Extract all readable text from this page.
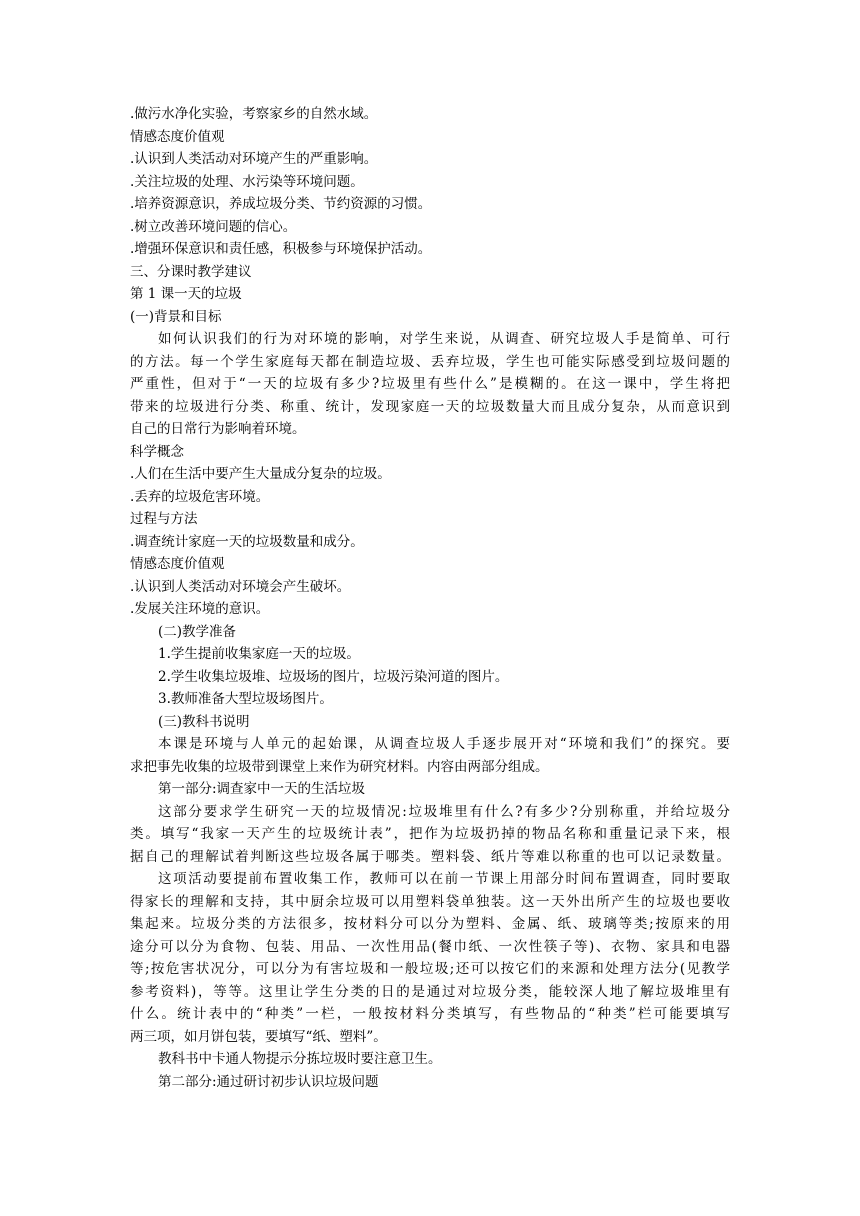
.做污水净化实验，考察家乡的自然水域。
情感态度价值观
.认识到人类活动对环境产生的严重影响。
.关注垃圾的处理、水污染等环境问题。
.培养资源意识，养成垃圾分类、节约资源的习惯。
.树立改善环境问题的信心。
.增强环保意识和责任感，积极参与环境保护活动。
三、分课时教学建议
第 1 课一天的垃圾
(一)背景和目标
如何认识我们的行为对环境的影响，对学生来说，从调查、研究垃圾人手是简单、可行
的方法。每一个学生家庭每天都在制造垃圾、丢弃垃圾，学生也可能实际感受到垃圾问题的
严重性，但对于“一天的垃圾有多少?垃圾里有些什么”是模糊的。在这一课中，学生将把
带来的垃圾进行分类、称重、统计，发现家庭一天的垃圾数量大而且成分复杂，从而意识到
自己的日常行为影响着环境。
科学概念
.人们在生活中要产生大量成分复杂的垃圾。
.丢弃的垃圾危害环境。
过程与方法
.调查统计家庭一天的垃圾数量和成分。
情感态度价值观
.认识到人类活动对环境会产生破坏。
.发展关注环境的意识。
(二)教学准备
1.学生提前收集家庭一天的垃圾。
2.学生收集垃圾堆、垃圾场的图片，垃圾污染河道的图片。
3.教师准备大型垃圾场图片。
(三)教科书说明
本课是环境与人单元的起始课，从调查垃圾人手逐步展开对“环境和我们”的探究。要
求把事先收集的垃圾带到课堂上来作为研究材料。内容由两部分组成。
第一部分:调查家中一天的生活垃圾
这部分要求学生研究一天的垃圾情况:垃圾堆里有什么?有多少?分别称重，并给垃圾分
类。填写“我家一天产生的垃圾统计表”，把作为垃圾扔掉的物品名称和重量记录下来，根
据自己的理解试着判断这些垃圾各属于哪类。塑料袋、纸片等难以称重的也可以记录数量。
这项活动要提前布置收集工作，教师可以在前一节课上用部分时间布置调查，同时要取
得家长的理解和支持，其中厨余垃圾可以用塑料袋单独装。这一天外出所产生的垃圾也要收
集起来。垃圾分类的方法很多，按材料分可以分为塑料、金属、纸、玻璃等类;按原来的用
途分可以分为食物、包装、用品、一次性用品(餐巾纸、一次性筷子等)、衣物、家具和电器
等;按危害状况分，可以分为有害垃圾和一般垃圾;还可以按它们的来源和处理方法分(见教学
参考资料)，等等。这里让学生分类的日的是通过对垃圾分类，能较深人地了解垃圾堆里有
什么。统计表中的“种类”一栏，一般按材料分类填写，有些物品的“种类”栏可能要填写
两三项，如月饼包装，要填写“纸、塑料”。
教科书中卡通人物提示分拣垃圾时要注意卫生。
第二部分:通过研讨初步认识垃圾问题
